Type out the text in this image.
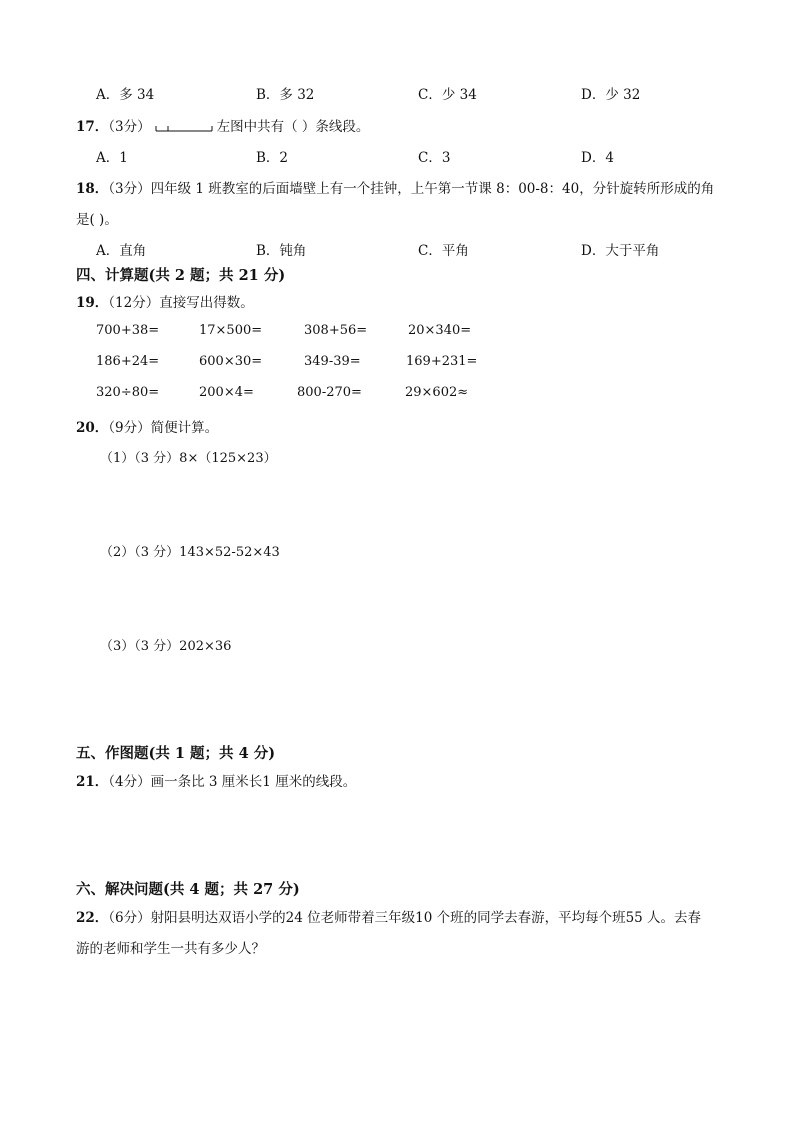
A．多 34	B．多 32	C．少 34	D．少 32
17．（3分）	左图中共有（ ）条线段。
A．1	B．2	C．3	D．4
18．（3分）四年级 1 班教室的后面墙壁上有一个挂钟，上午第一节课 8：00-8：40，分针旋转所形成的角
是( )。
A．直角	B．钝角	C．平角	D．大于平角
四、计算题(共 2 题；共 21 分)
19．（12分）直接写出得数。
700+38=	17×500=	308+56=	20×340=
186+24=	600×30=	349-39=	169+231=
320÷80=	200×4=	800-270=	29×602≈
20．（9分）简便计算。
（1）（3 分）8×（125×23）
（2）（3 分）143×52-52×43
（3）（3 分）202×36
五、作图题(共 1 题；共 4 分)
21．（4分）画一条比 3 厘米长1 厘米的线段。
六、解决问题(共 4 题；共 27 分)
22．（6分）射阳县明达双语小学的24 位老师带着三年级10 个班的同学去春游，平均每个班55 人。去春
游的老师和学生一共有多少人？
